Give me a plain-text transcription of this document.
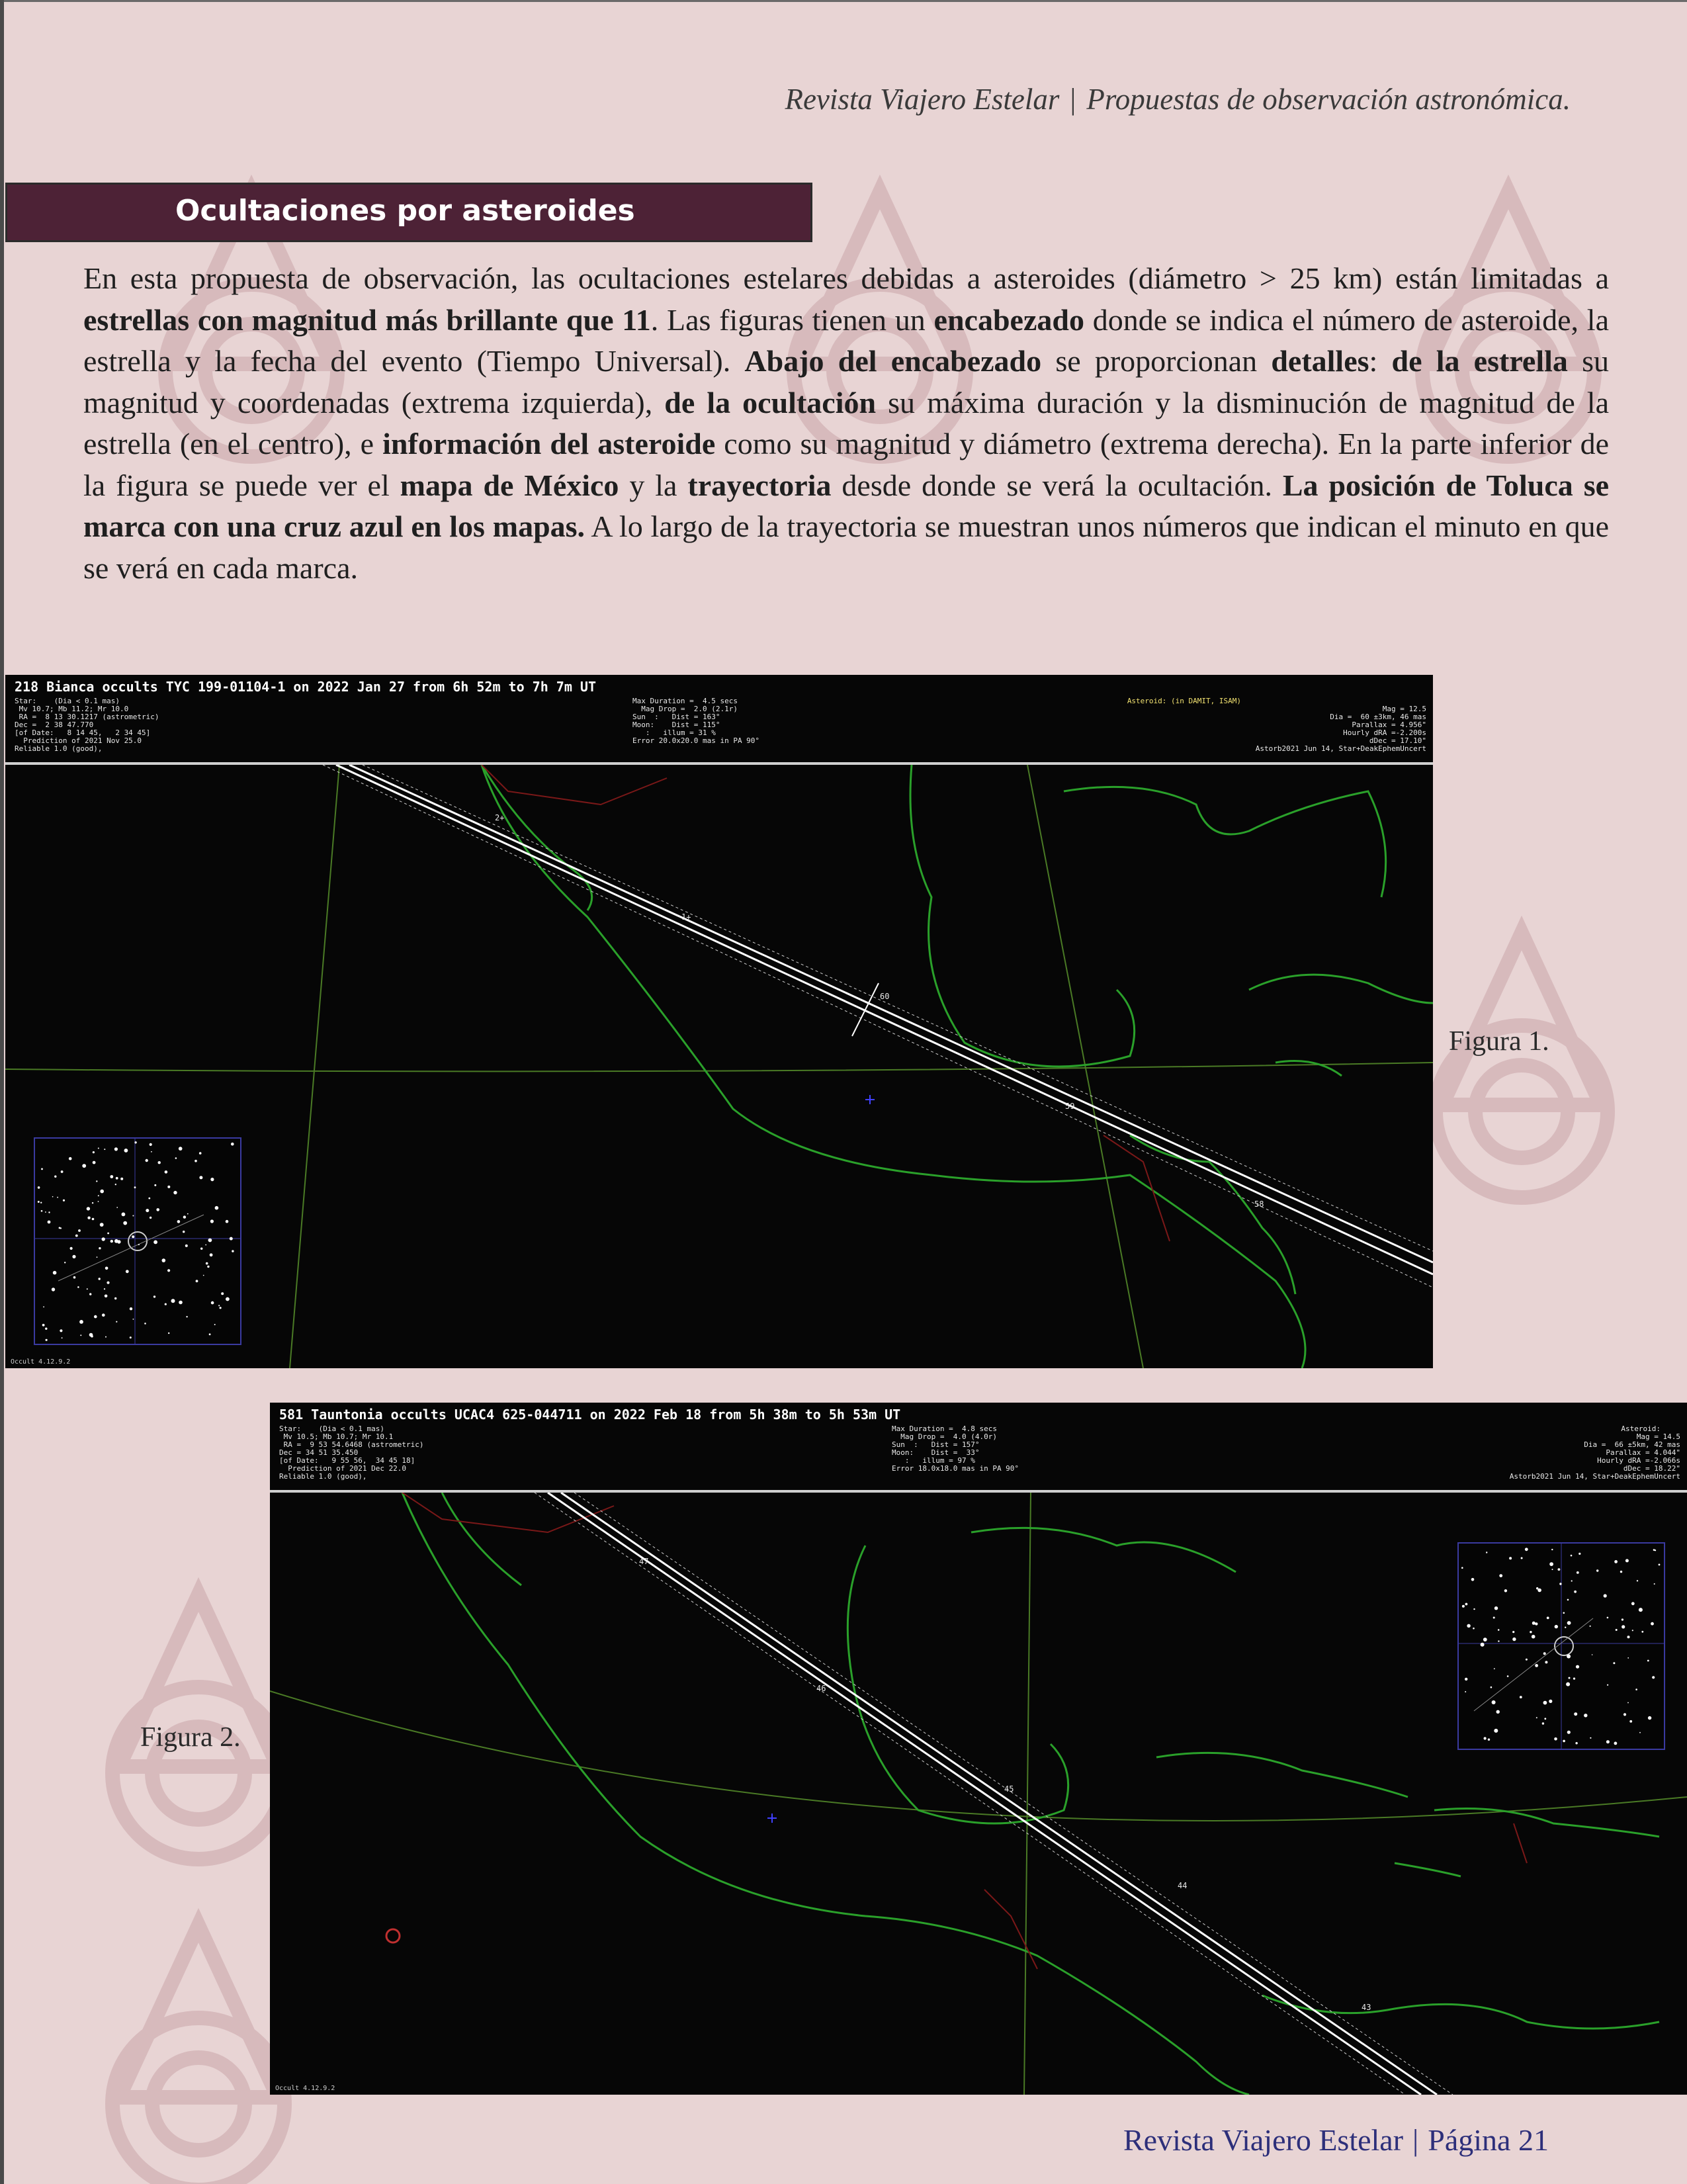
Revista Viajero Estelar | Propuestas de observación astronómica.
Ocultaciones por asteroides
En esta propuesta de observación, las ocultaciones estelares debidas a asteroides (diámetro > 25 km) están limitadas a estrellas con magnitud más brillante que 11. Las figuras tienen un encabezado donde se indica el número de asteroide, la estrella y la fecha del evento (Tiempo Universal). Abajo del encabezado se proporcionan detalles: de la estrella su magnitud y coordenadas (extrema izquierda), de la ocultación su máxima duración y la disminución de magnitud de la estrella (en el centro), e información del asteroide como su magnitud y diámetro (extrema derecha). En la parte inferior de la figura se puede ver el mapa de México y la trayectoria desde donde se verá la ocultación. La posición de Toluca se marca con una cruz azul en los mapas. A lo largo de la trayectoria se muestran unos números que indican el minuto en que se verá en cada marca.
218 Bianca occults TYC 199-01104-1 on 2022 Jan 27 from 6h 52m to 7h 7m UT
Star:    (Dia < 0.1 mas)
Mv 10.7; Mb 11.2; Mr 10.0
RA =  8 13 30.1217 (astrometric)
Dec =  2 38 47.770
[of Date:   8 14 45,   2 34 45]
Prediction of 2021 Nov 25.0
Reliable 1.0 (good),
Max Duration =  4.5 secs
Mag Drop =  2.0 (2.1r)
Sun  :   Dist = 163°
Moon:    Dist = 115°
:   illum = 31 %
Error 20.0x20.0 mas in PA 90°
Asteroid: (in DAMIT, ISAM)
Mag = 12.5
Dia =  60 ±3km, 46 mas
Parallax = 4.956"
Hourly dRA =-2.200s
dDec = 17.10"
Astorb2021 Jun 14, Star+DeakEphemUncert
2+
1+
60
59
58
Occult 4.12.9.2
Figura 1.
581 Tauntonia occults UCAC4 625-044711 on 2022 Feb 18 from 5h 38m to 5h 53m UT
Star:    (Dia < 0.1 mas)
Mv 10.5; Mb 10.7; Mr 10.1
RA =  9 53 54.6468 (astrometric)
Dec = 34 51 35.450
[of Date:   9 55 56,  34 45 18]
Prediction of 2021 Dec 22.0
Reliable 1.0 (good),
Max Duration =  4.8 secs
Mag Drop =  4.0 (4.0r)
Sun  :   Dist = 157°
Moon:    Dist =  33°
:   illum = 97 %
Error 18.0x18.0 mas in PA 90°
Asteroid:
Mag = 14.5
Dia =  66 ±5km, 42 mas
Parallax = 4.044"
Hourly dRA =-2.066s
dDec = 18.22"
Astorb2021 Jun 14, Star+DeakEphemUncert
47
46
45
44
43
Occult 4.12.9.2
Figura 2.
Revista Viajero Estelar | Página 21
